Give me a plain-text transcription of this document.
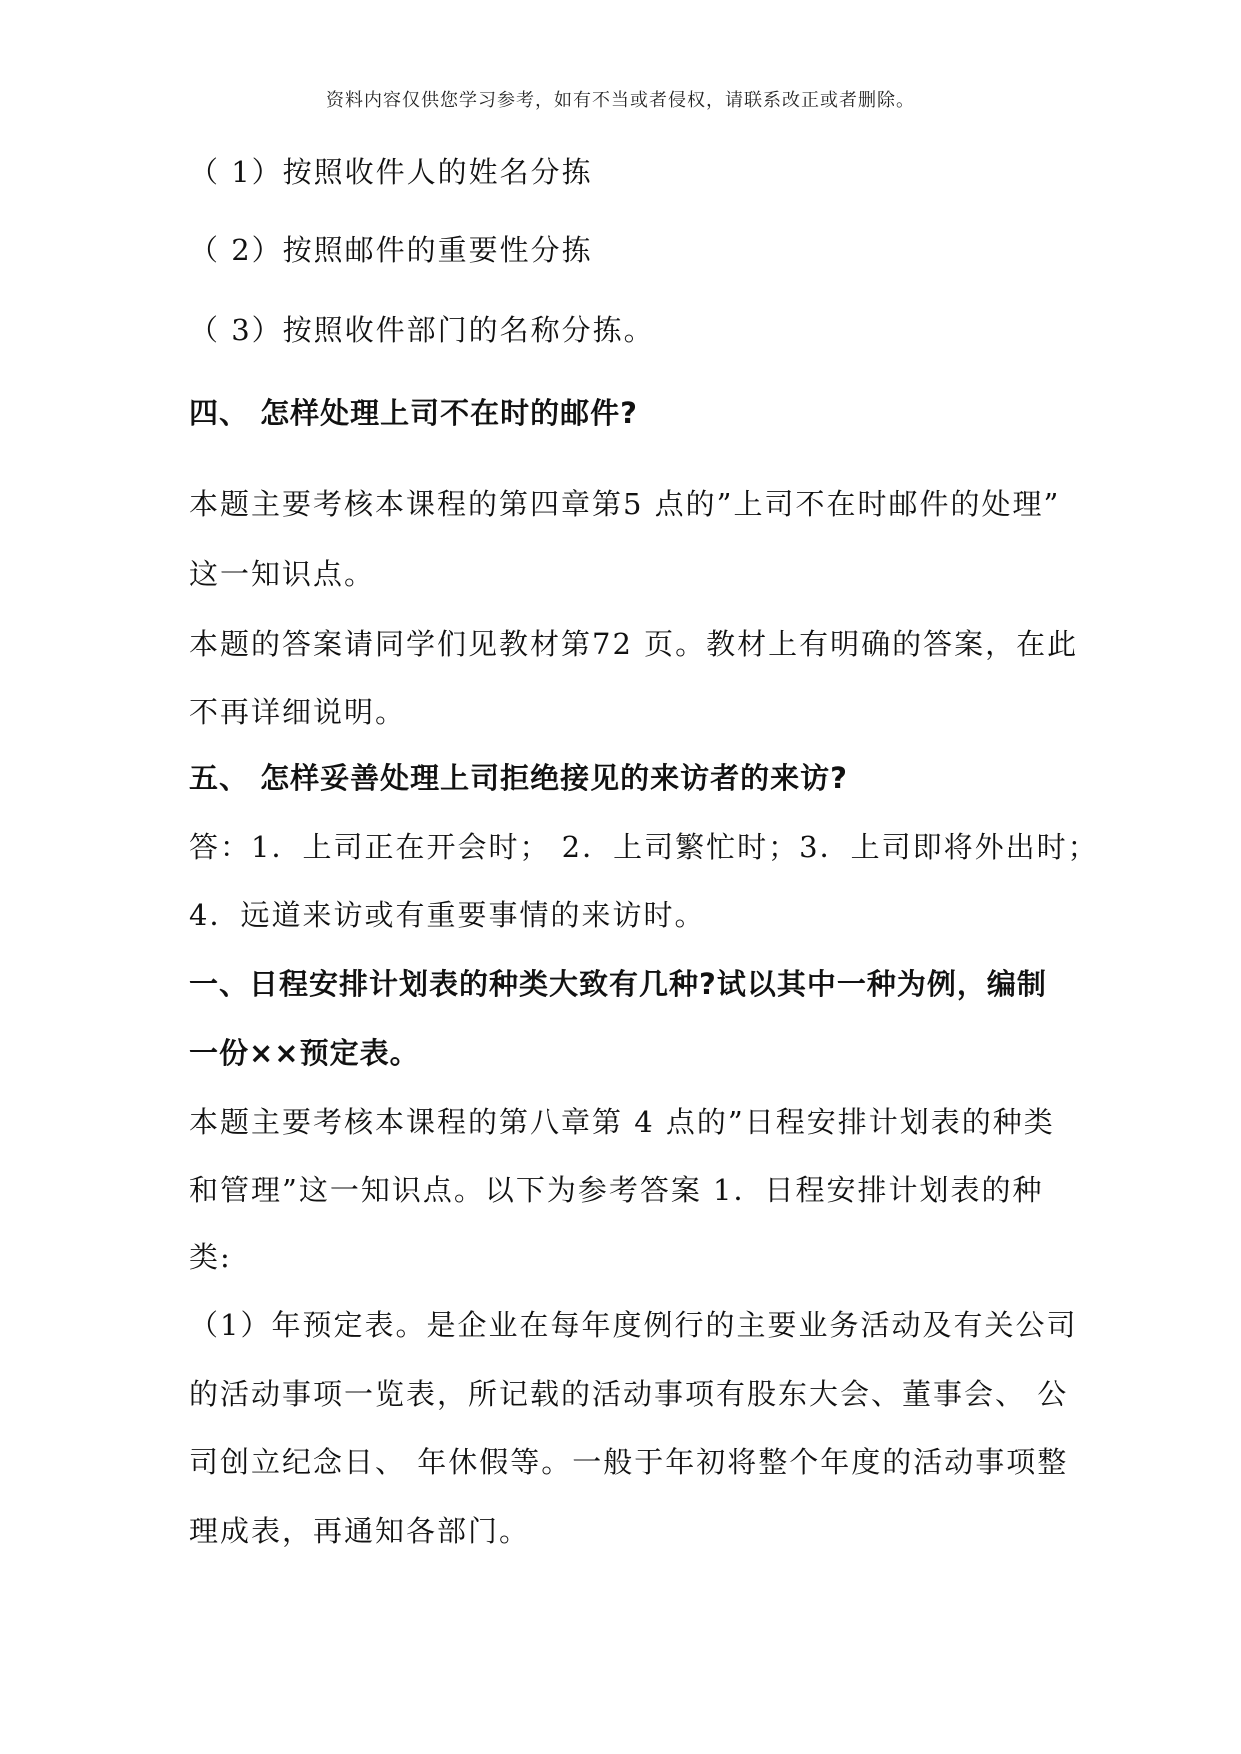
资料内容仅供您学习参考，如有不当或者侵权，请联系改正或者删除。
（ 1）按照收件人的姓名分拣
（ 2）按照邮件的重要性分拣
（ 3）按照收件部门的名称分拣。
四、 怎样处理上司不在时的邮件?
本题主要考核本课程的第四章第5 点的”上司不在时邮件的处理”
这一知识点。
本题的答案请同学们见教材第72 页。教材上有明确的答案，在此
不再详细说明。
五、 怎样妥善处理上司拒绝接见的来访者的来访?
答：1．上司正在开会时； 2．上司繁忙时；3．上司即将外出时；
4．远道来访或有重要事情的来访时。
一、日程安排计划表的种类大致有几种?试以其中一种为例，编制
一份××预定表。
本题主要考核本课程的第八章第 4 点的”日程安排计划表的种类
和管理”这一知识点。以下为参考答案 1．日程安排计划表的种
类:
（1）年预定表。是企业在每年度例行的主要业务活动及有关公司
的活动事项一览表，所记载的活动事项有股东大会、董事会、 公
司创立纪念日、 年休假等。一般于年初将整个年度的活动事项整
理成表，再通知各部门。
